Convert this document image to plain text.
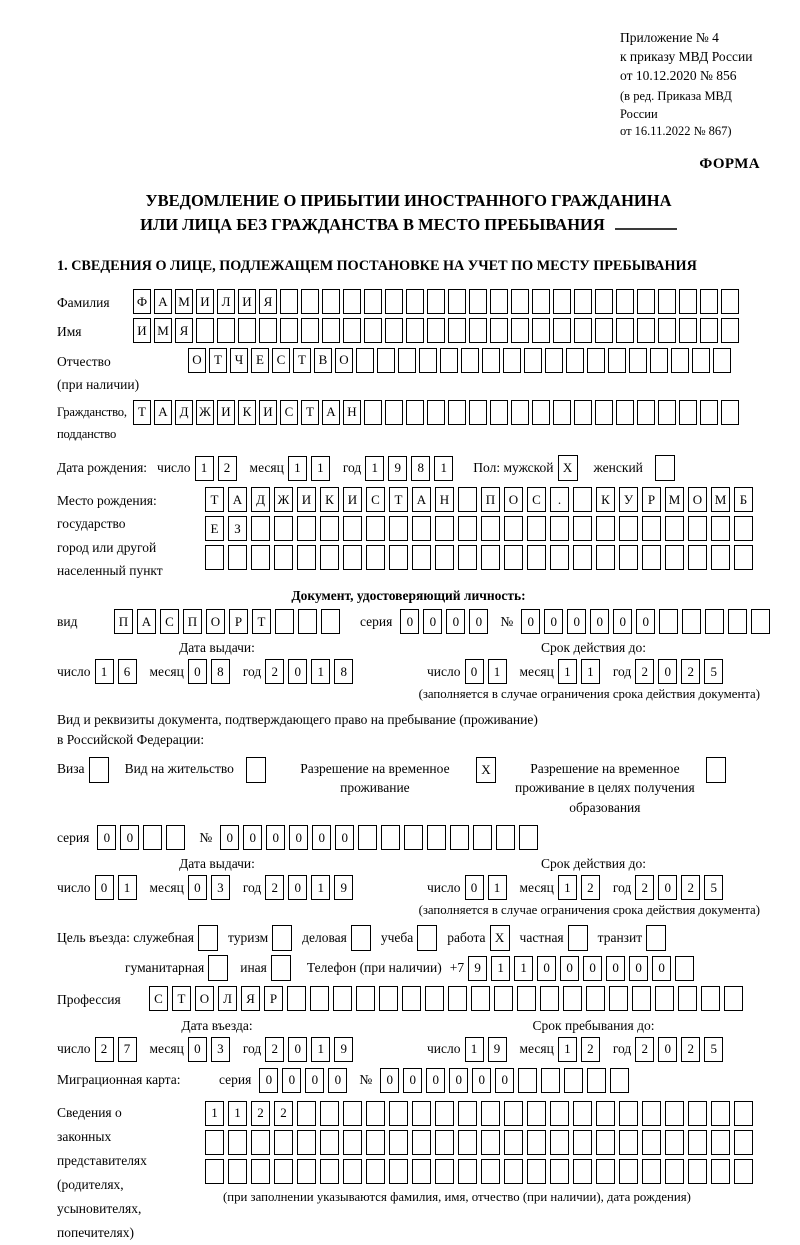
Приложение № 4
к приказу МВД России
от 10.12.2020 № 856
(в ред. Приказа МВД России
от 16.11.2022 № 867)
ФОРМА
УВЕДОМЛЕНИЕ О ПРИБЫТИИ ИНОСТРАННОГО ГРАЖДАНИНА
ИЛИ ЛИЦА БЕЗ ГРАЖДАНСТВА В МЕСТО ПРЕБЫВАНИЯ
1. СВЕДЕНИЯ О ЛИЦЕ, ПОДЛЕЖАЩЕМ ПОСТАНОВКЕ НА УЧЕТ ПО МЕСТУ ПРЕБЫВАНИЯ
Фамилия	Ф А М И Л И Я
Имя	И М Я
Отчество
(при наличии)
О Т Ч Е С Т В О
Гражданство,
подданство
Т А Д Ж И К И С Т А Н
Дата рождения: число 1	2	месяц 1	1	год 1	9	8	1	Пол: мужской X	женский
Место рождения:
государство
город или другой
населенный пункт
Т	А	Д Ж И	К	И	С	Т	А	Н	П	О	С	.	К	У	Р	М О М	Б
Е	З
Документ, удостоверяющий личность:
вид	П	А	С	П	О	Р	Т	серия	0	0	0	0	№	0	0	0	0	0	0
Дата выдачи:	Срок действия до:
число 1	6	месяц 0	8	год 2	0	1	8	число 0	1	месяц 1	1	год 2	0	2	5
(заполняется в случае ограничения срока действия документа)
Вид и реквизиты документа, подтверждающего право на пребывание (проживание)
в Российской Федерации:
Виза	Вид на жительство	Разрешение на временное проживание
X	Разрешение на временное проживание в целях получения образования
серия	0	0	№	0	0	0	0	0	0
Дата выдачи:	Срок действия до:
число 0	1	месяц 0	3	год 2	0	1	9	число 0	1	месяц 1	2	год 2	0	2	5
(заполняется в случае ограничения срока действия документа)
Цель въезда: служебная	туризм	деловая	учеба	работа X	частная	транзит
гуманитарная	иная	Телефон (при наличии) +7 9	1	1	0	0	0	0	0	0
Профессия	С	Т	О	Л	Я	Р
Дата въезда:	Срок пребывания до:
число 2	7	месяц 0	3	год 2	0	1	9	число 1	9	месяц 1	2	год 2	0	2	5
Миграционная карта:	серия	0	0	0	0	№	0	0	0	0	0	0
Сведения о
законных
представителях
(родителях,
усыновителях,
попечителях)
1	1	2	2
(при заполнении указываются фамилия, имя, отчество (при наличии), дата рождения)
